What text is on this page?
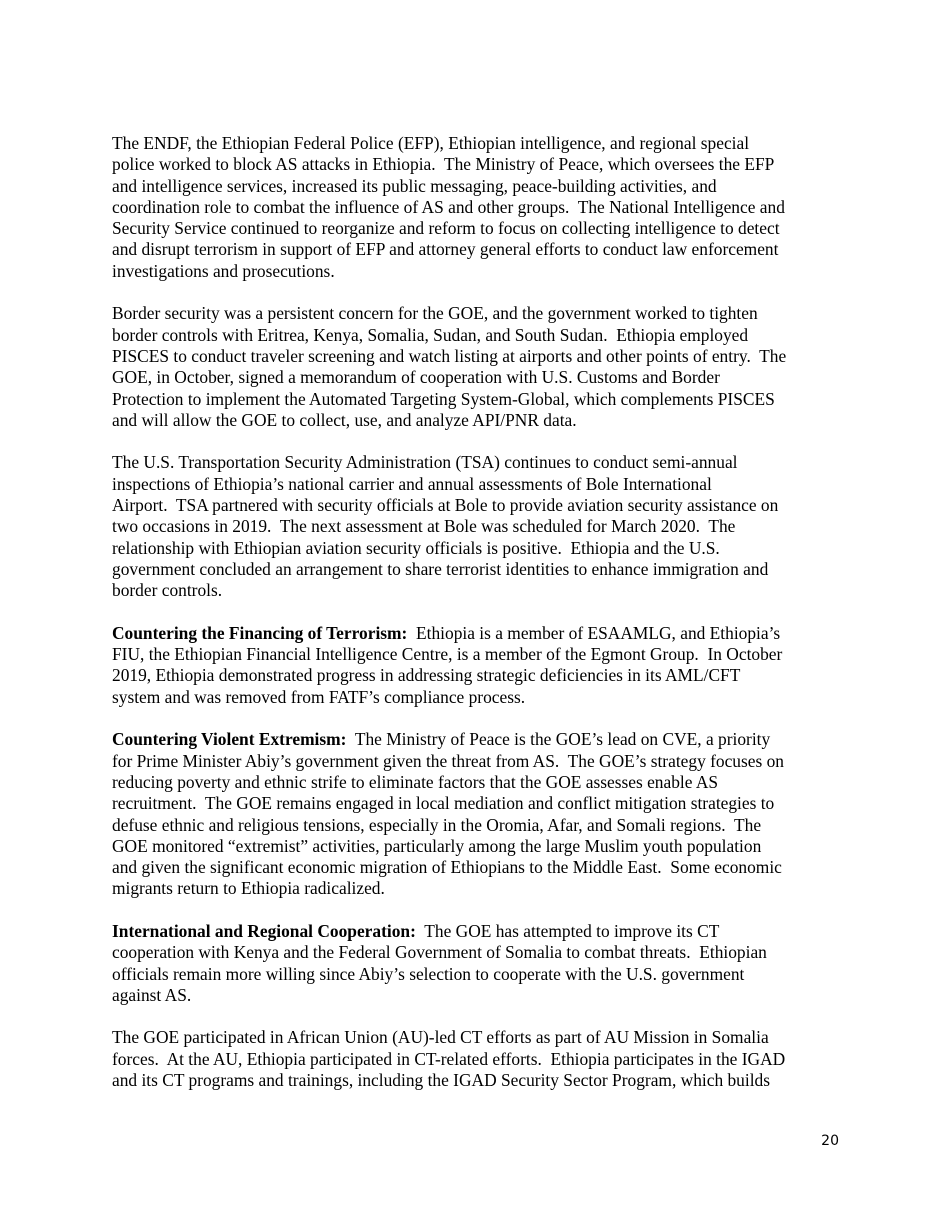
The ENDF, the Ethiopian Federal Police (EFP), Ethiopian intelligence, and regional special
police worked to block AS attacks in Ethiopia.  The Ministry of Peace, which oversees the EFP
and intelligence services, increased its public messaging, peace-building activities, and
coordination role to combat the influence of AS and other groups.  The National Intelligence and
Security Service continued to reorganize and reform to focus on collecting intelligence to detect
and disrupt terrorism in support of EFP and attorney general efforts to conduct law enforcement
investigations and prosecutions.

Border security was a persistent concern for the GOE, and the government worked to tighten
border controls with Eritrea, Kenya, Somalia, Sudan, and South Sudan.  Ethiopia employed
PISCES to conduct traveler screening and watch listing at airports and other points of entry.  The
GOE, in October, signed a memorandum of cooperation with U.S. Customs and Border
Protection to implement the Automated Targeting System-Global, which complements PISCES
and will allow the GOE to collect, use, and analyze API/PNR data.

The U.S. Transportation Security Administration (TSA) continues to conduct semi-annual
inspections of Ethiopia’s national carrier and annual assessments of Bole International
Airport.  TSA partnered with security officials at Bole to provide aviation security assistance on
two occasions in 2019.  The next assessment at Bole was scheduled for March 2020.  The
relationship with Ethiopian aviation security officials is positive.  Ethiopia and the U.S.
government concluded an arrangement to share terrorist identities to enhance immigration and
border controls.

Countering the Financing of Terrorism:  Ethiopia is a member of ESAAMLG, and Ethiopia’s
FIU, the Ethiopian Financial Intelligence Centre, is a member of the Egmont Group.  In October
2019, Ethiopia demonstrated progress in addressing strategic deficiencies in its AML/CFT
system and was removed from FATF’s compliance process.

Countering Violent Extremism:  The Ministry of Peace is the GOE’s lead on CVE, a priority
for Prime Minister Abiy’s government given the threat from AS.  The GOE’s strategy focuses on
reducing poverty and ethnic strife to eliminate factors that the GOE assesses enable AS
recruitment.  The GOE remains engaged in local mediation and conflict mitigation strategies to
defuse ethnic and religious tensions, especially in the Oromia, Afar, and Somali regions.  The
GOE monitored “extremist” activities, particularly among the large Muslim youth population
and given the significant economic migration of Ethiopians to the Middle East.  Some economic
migrants return to Ethiopia radicalized.

International and Regional Cooperation:  The GOE has attempted to improve its CT
cooperation with Kenya and the Federal Government of Somalia to combat threats.  Ethiopian
officials remain more willing since Abiy’s selection to cooperate with the U.S. government
against AS.

The GOE participated in African Union (AU)-led CT efforts as part of AU Mission in Somalia
forces.  At the AU, Ethiopia participated in CT-related efforts.  Ethiopia participates in the IGAD
and its CT programs and trainings, including the IGAD Security Sector Program, which builds

20
